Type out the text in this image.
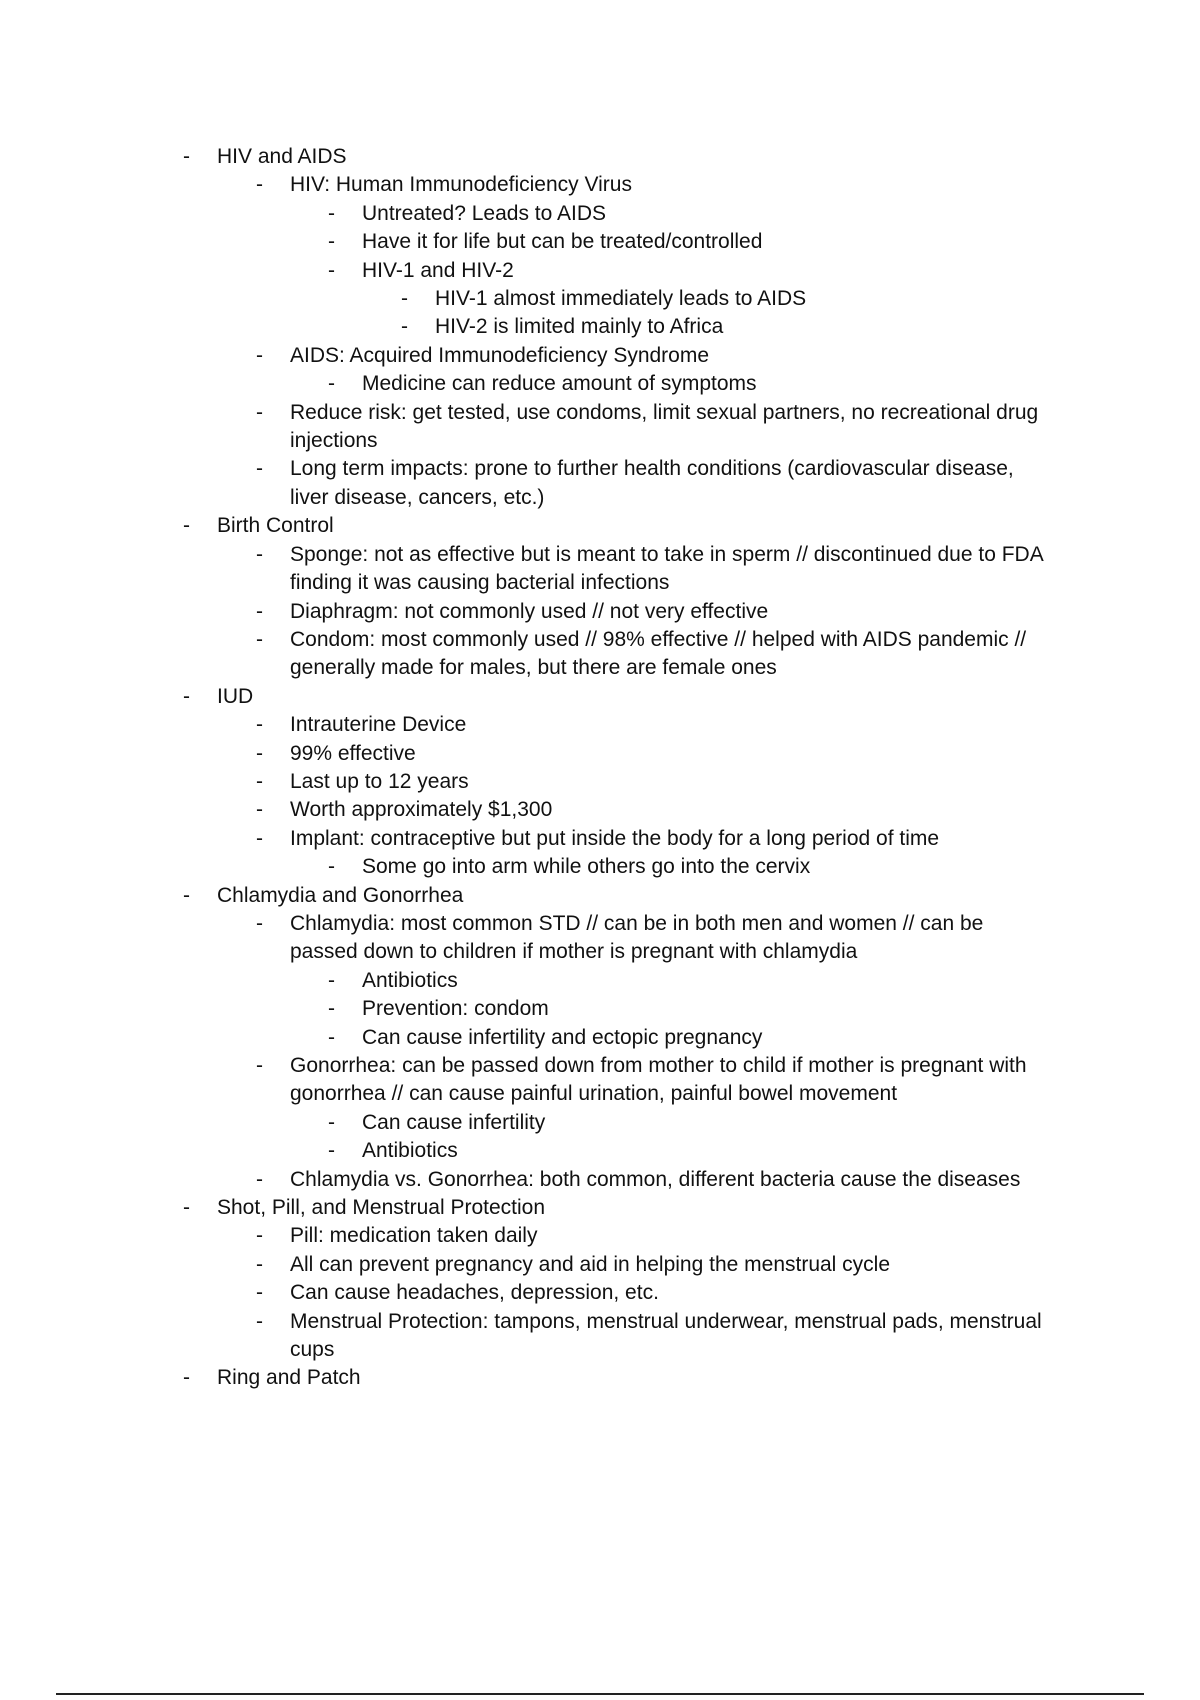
- HIV and AIDS
- HIV: Human Immunodeficiency Virus
- Untreated? Leads to AIDS
- Have it for life but can be treated/controlled
- HIV-1 and HIV-2
- HIV-1 almost immediately leads to AIDS
- HIV-2 is limited mainly to Africa
- AIDS: Acquired Immunodeficiency Syndrome
- Medicine can reduce amount of symptoms
- Reduce risk: get tested, use condoms, limit sexual partners, no recreational drug
injections
- Long term impacts: prone to further health conditions (cardiovascular disease,
liver disease, cancers, etc.)
- Birth Control
- Sponge: not as effective but is meant to take in sperm // discontinued due to FDA
finding it was causing bacterial infections
- Diaphragm: not commonly used // not very effective
- Condom: most commonly used // 98% effective // helped with AIDS pandemic //
generally made for males, but there are female ones
- IUD
- Intrauterine Device
- 99% effective
- Last up to 12 years
- Worth approximately $1,300
- Implant: contraceptive but put inside the body for a long period of time
- Some go into arm while others go into the cervix
- Chlamydia and Gonorrhea
- Chlamydia: most common STD // can be in both men and women // can be
passed down to children if mother is pregnant with chlamydia
- Antibiotics
- Prevention: condom
- Can cause infertility and ectopic pregnancy
- Gonorrhea: can be passed down from mother to child if mother is pregnant with
gonorrhea // can cause painful urination, painful bowel movement
- Can cause infertility
- Antibiotics
- Chlamydia vs. Gonorrhea: both common, different bacteria cause the diseases
- Shot, Pill, and Menstrual Protection
- Pill: medication taken daily
- All can prevent pregnancy and aid in helping the menstrual cycle
- Can cause headaches, depression, etc.
- Menstrual Protection: tampons, menstrual underwear, menstrual pads, menstrual
cups
- Ring and Patch
